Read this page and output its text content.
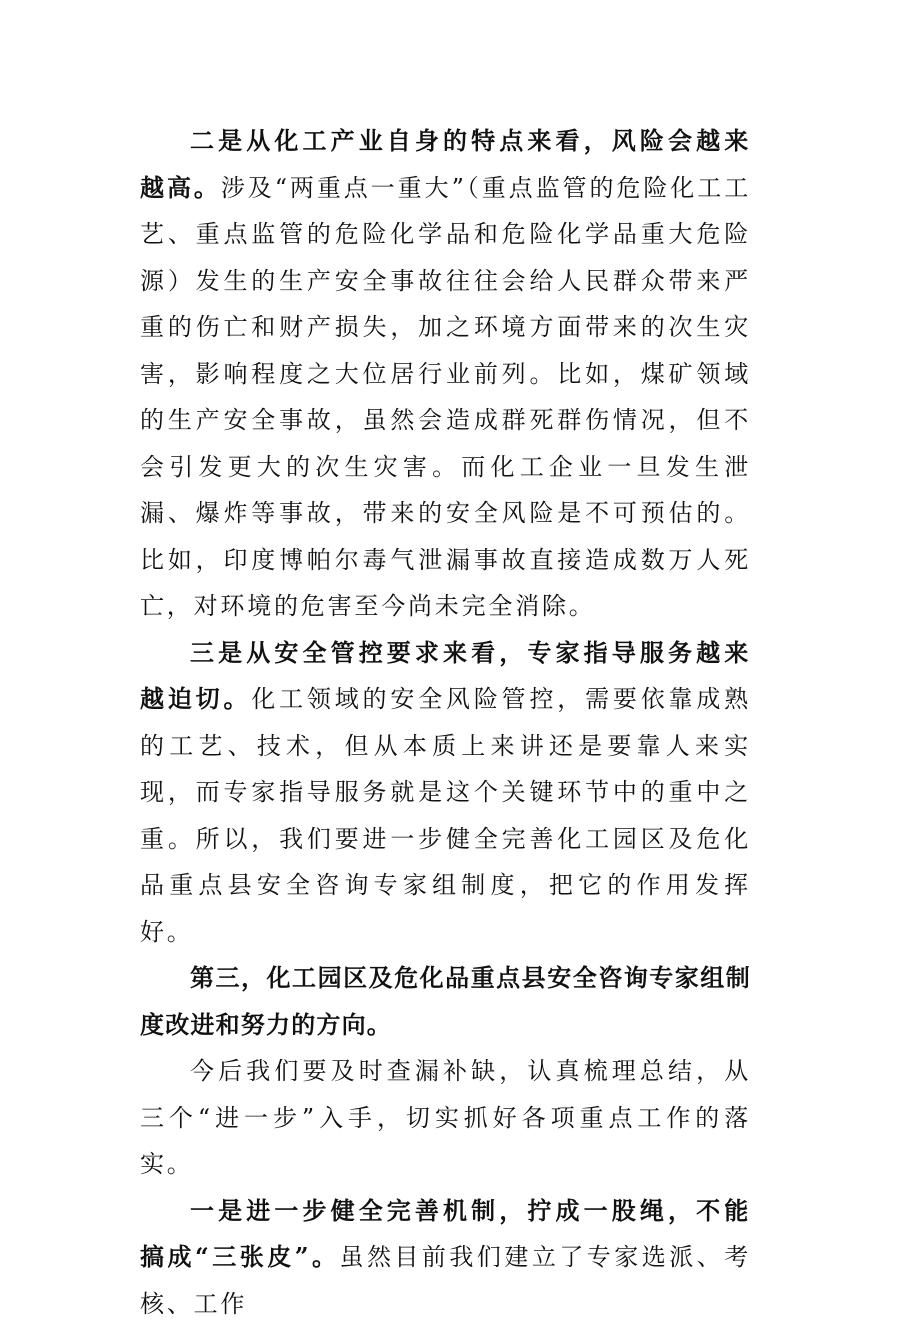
二是从化工产业自身的特点来看，风险会越来越高。涉及“两重点一重大”（重点监管的危险化工工艺、重点监管的危险化学品和危险化学品重大危险源）发生的生产安全事故往往会给人民群众带来严重的伤亡和财产损失，加之环境方面带来的次生灾害，影响程度之大位居行业前列。比如，煤矿领域的生产安全事故，虽然会造成群死群伤情况，但不会引发更大的次生灾害。而化工企业一旦发生泄漏、爆炸等事故，带来的安全风险是不可预估的。比如，印度博帕尔毒气泄漏事故直接造成数万人死亡，对环境的危害至今尚未完全消除。

三是从安全管控要求来看，专家指导服务越来越迫切。化工领域的安全风险管控，需要依靠成熟的工艺、技术，但从本质上来讲还是要靠人来实现，而专家指导服务就是这个关键环节中的重中之重。所以，我们要进一步健全完善化工园区及危化品重点县安全咨询专家组制度，把它的作用发挥好。

第三，化工园区及危化品重点县安全咨询专家组制度改进和努力的方向。

今后我们要及时查漏补缺，认真梳理总结，从三个“进一步”入手，切实抓好各项重点工作的落实。

一是进一步健全完善机制，拧成一股绳，不能搞成“三张皮”。虽然目前我们建立了专家选派、考核、工作
